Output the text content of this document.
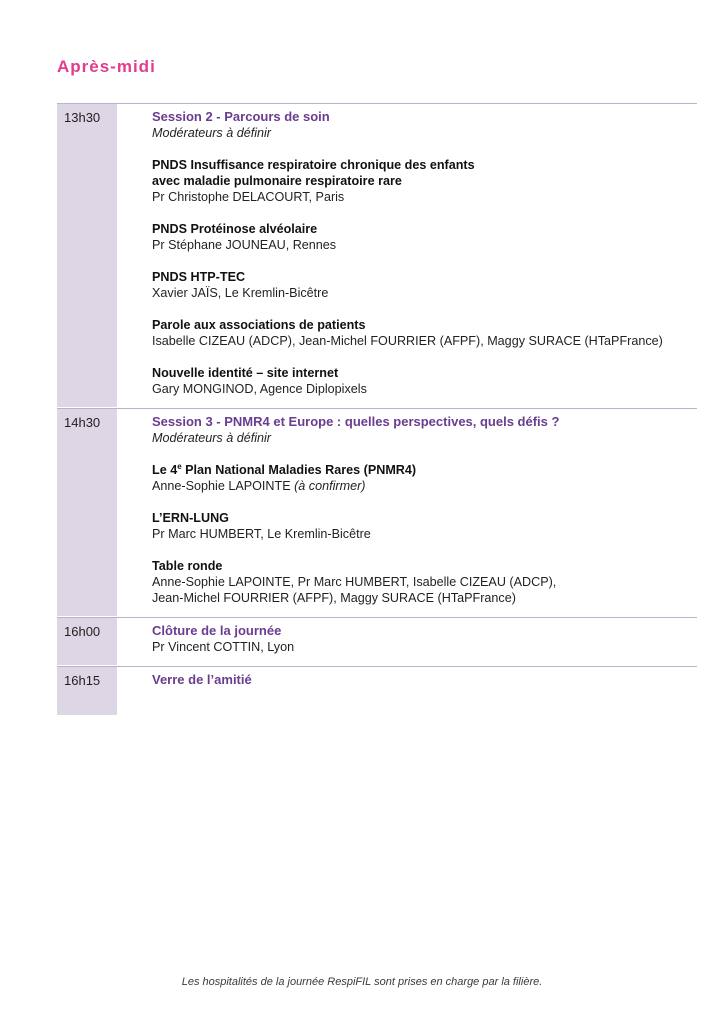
Après-midi
13h30	Session 2 - Parcours de soin
Modérateurs à définir
PNDS Insuffisance respiratoire chronique des enfants
avec maladie pulmonaire respiratoire rare
Pr Christophe DELACOURT, Paris
PNDS Protéinose alvéolaire
Pr Stéphane JOUNEAU, Rennes
PNDS HTP-TEC
Xavier JAÏS, Le Kremlin-Bicêtre
Parole aux associations de patients
Isabelle CIZEAU (ADCP), Jean-Michel FOURRIER (AFPF), Maggy SURACE (HTaPFrance)
Nouvelle identité – site internet
Gary MONGINOD, Agence Diplopixels
14h30	Session 3 - PNMR4 et Europe : quelles perspectives, quels défis ?
Modérateurs à définir
Le 4e Plan National Maladies Rares (PNMR4)
Anne-Sophie LAPOINTE (à confirmer)
L’ERN-LUNG
Pr Marc HUMBERT, Le Kremlin-Bicêtre
Table ronde
Anne-Sophie LAPOINTE, Pr Marc HUMBERT, Isabelle CIZEAU (ADCP),
Jean-Michel FOURRIER (AFPF), Maggy SURACE (HTaPFrance)
16h00	Clôture de la journée
Pr Vincent COTTIN, Lyon
16h15	Verre de l’amitié
Les hospitalités de la journée RespiFIL sont prises en charge par la filière.
